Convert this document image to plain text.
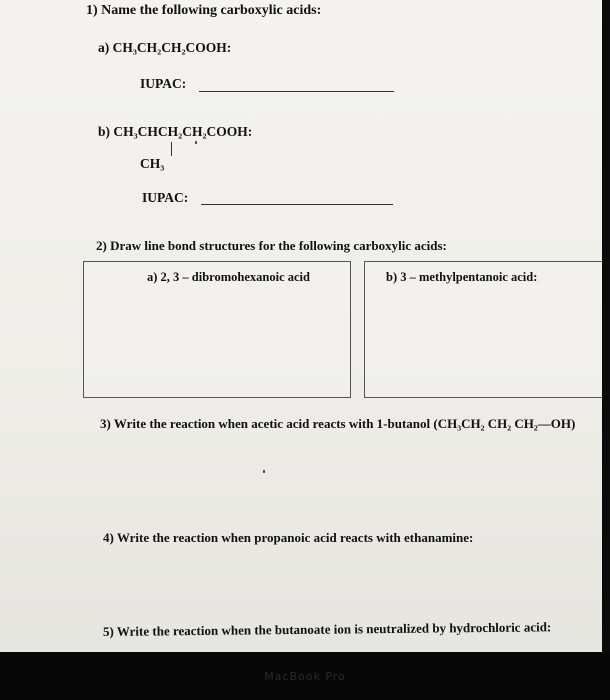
1) Name the following carboxylic acids:
a) CH₃CH₂CH₂COOH:
IUPAC:
b) CH₃CHCH₂CH₂COOH:
CH₃
IUPAC:
2) Draw line bond structures for the following carboxylic acids:
a) 2, 3 – dibromohexanoic acid	b) 3 – methylpentanoic acid:
3) Write the reaction when acetic acid reacts with 1-butanol (CH₃CH₂ CH₂ CH₂—OH)
4) Write the reaction when propanoic acid reacts with ethanamine:
5) Write the reaction when the butanoate ion is neutralized by hydrochloric acid:
MacBook Pro
